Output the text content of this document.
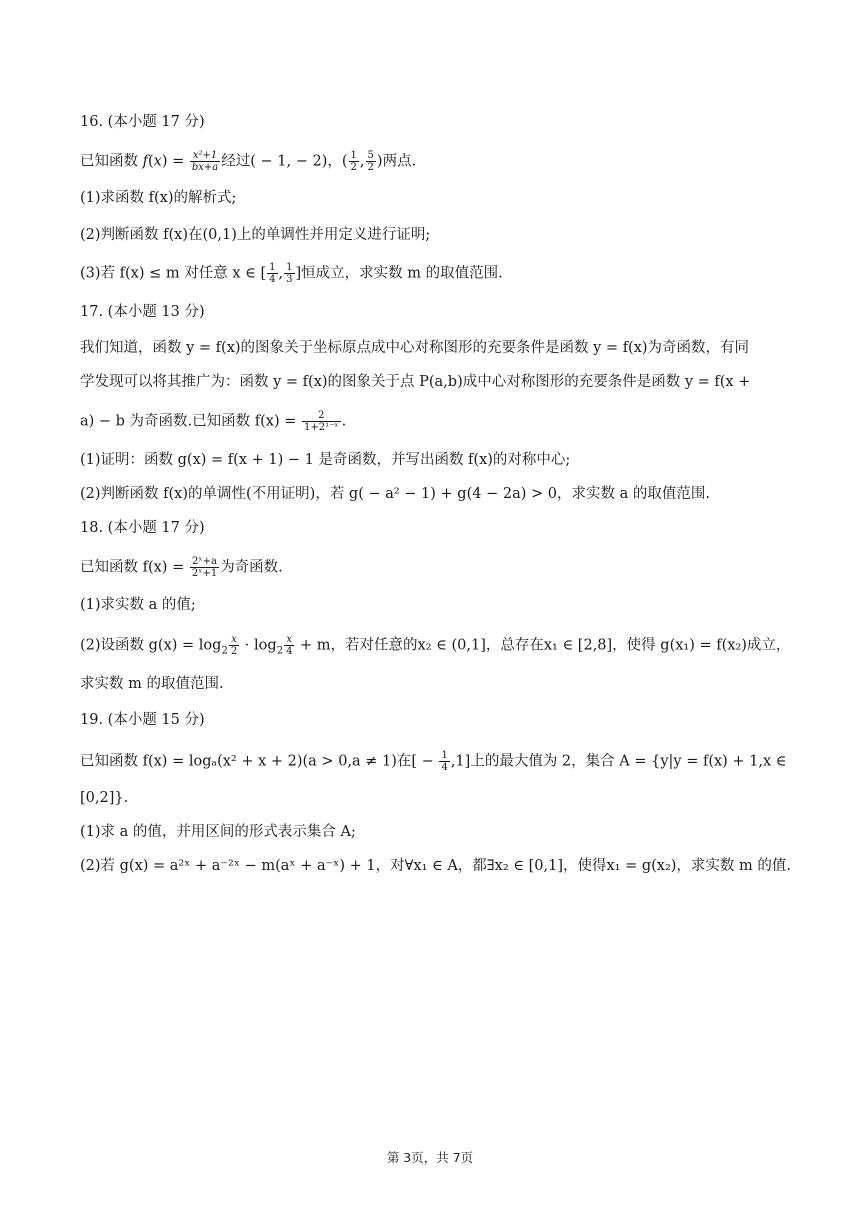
16. (本小题 17 分)
已知函数 $f(x) = \frac{\text{x²+1}}{bx+a}$ 经过( − 1, − 2)，( $\frac{1}{2}$ , $\frac{5}{2}$ )两点.
(1)求函数 f(x)的解析式;
(2)判断函数 f(x)在(0,1)上的单调性并用定义进行证明;
(3)若 f(x) ≤ m 对任意 x ∈ [ $\frac{1}{4}$ , $\frac{1}{3}$ ]恒成立，求实数 m 的取值范围.
17. (本小题 13 分)
我们知道，函数 y = f(x)的图象关于坐标原点成中心对称图形的充要条件是函数 y = f(x)为奇函数，有同
学发现可以将其推广为：函数 y = f(x)的图象关于点 P(a,b)成中心对称图形的充要条件是函数 y = f(x +
a) − b 为奇函数.已知函数 $f(x) = \frac{2}{\text{1+2¹⁻ˣ}}$ .
(1)证明：函数 g(x) = f(x + 1) − 1 是奇函数，并写出函数 f(x)的对称中心;
(2)判断函数 f(x)的单调性(不用证明)，若 g( − a² − 1) + g(4 − 2a) > 0，求实数 a 的取值范围.
18. (本小题 17 分)
已知函数 $f(x) = \frac{\text{2ˣ+a}}{\text{2ˣ+1}}$ 为奇函数.
(1)求实数 a 的值;
(2)设函数 $g(x) = \log_2 \frac{x}{2} \cdot \log_2 \frac{x}{4} + m$，若对任意的x₂ ∈ (0,1]，总存在x₁ ∈ [2,8]，使得 g(x₁) = f(x₂)成立，
求实数 m 的取值范围.
19. (本小题 15 分)
已知函数 f(x) = logₐ(x² + x + 2)(a > 0,a ≠ 1)在[ − $\frac{1}{4} ,1$]上的最大值为 2，集合 A = {y|y = f(x) + 1,x ∈
[0,2]}.
(1)求 a 的值，并用区间的形式表示集合 A;
(2)若 g(x) = a²ˣ + a⁻²ˣ − m(aˣ + a⁻ˣ) + 1，对∀x₁ ∈ A，都∃x₂ ∈ [0,1]，使得x₁ = g(x₂)，求实数 m 的值.
第 3页，共 7页
